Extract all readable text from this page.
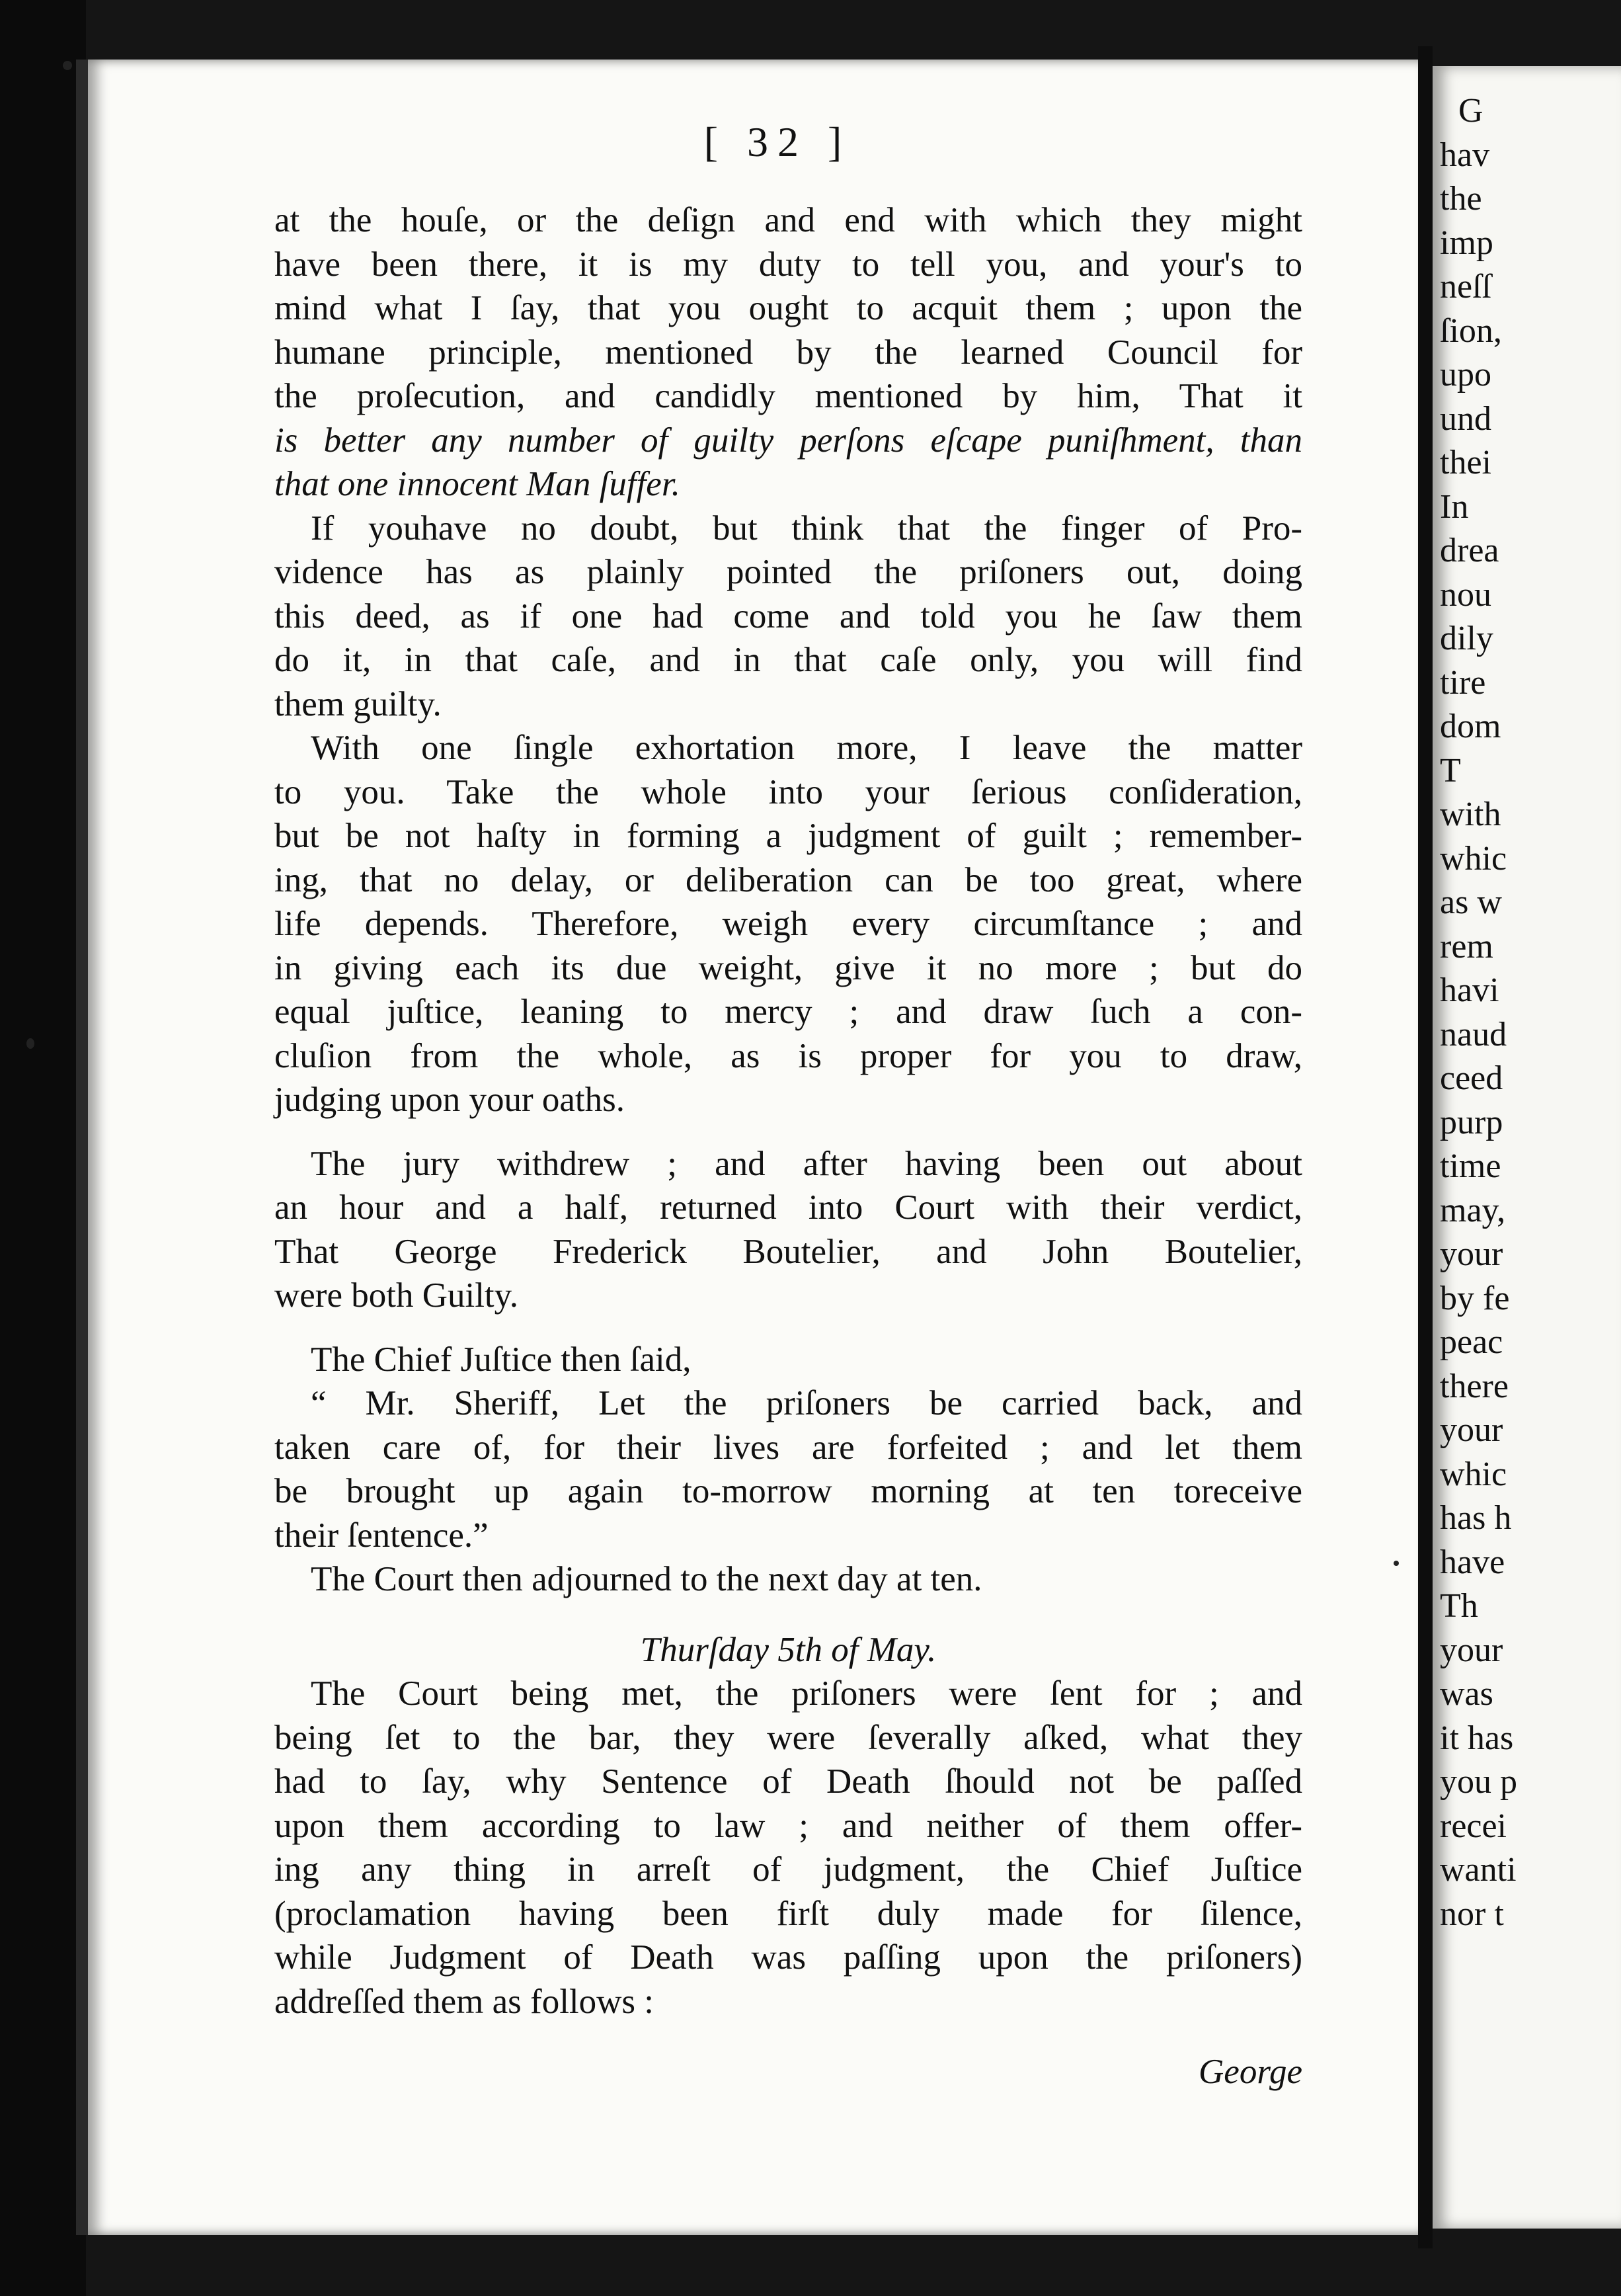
[ 32 ]
at the houſe, or the deſign and end with which they might
have been there, it is my duty to tell you, and your's to
mind what I ſay, that you ought to acquit them ; upon the
humane principle, mentioned by the learned Council for
the proſecution, and candidly mentioned by him, That it
is better any number of guilty perſons eſcape puniſhment, than
that one innocent Man ſuffer.
If youhave no doubt, but think that the finger of Pro-
vidence has as plainly pointed the priſoners out, doing
this deed, as if one had come and told you he ſaw them
do it, in that caſe, and in that caſe only, you will find
them guilty.
With one ſingle exhortation more, I leave the matter
to you. Take the whole into your ſerious conſideration,
but be not haſty in forming a judgment of guilt ; remember-
ing, that no delay, or deliberation can be too great, where
life depends. Therefore, weigh every circumſtance ; and
in giving each its due weight, give it no more ; but do
equal juſtice, leaning to mercy ; and draw ſuch a con-
cluſion from the whole, as is proper for you to draw,
judging upon your oaths.
The jury withdrew ; and after having been out about
an hour and a half, returned into Court with their verdict,
That George Frederick Boutelier, and John Boutelier,
were both Guilty.
The Chief Juſtice then ſaid,
“ Mr. Sheriff, Let the priſoners be carried back, and
taken care of, for their lives are forfeited ; and let them
be brought up again to-morrow morning at ten toreceive
their ſentence.”
The Court then adjourned to the next day at ten.
Thurſday 5th of May.
The Court being met, the priſoners were ſent for ; and
being ſet to the bar, they were ſeverally aſked, what they
had to ſay, why Sentence of Death ſhould not be paſſed
upon them according to law ; and neither of them offer-
ing any thing in arreſt of judgment, the Chief Juſtice
(proclamation having been firſt duly made for ſilence,
while Judgment of Death was paſſing upon the priſoners)
addreſſed them as follows :
George
G
hav
the
imp
neſſ
ſion,
upo
und
thei
In
drea
nou
dily
tire
dom
T
with
whic
as w
rem
havi
naud
ceed
purp
time
may,
your
by fe
peac
there
your
whic
has h
have
Th
your
was
it has
you p
recei
wanti
nor t
